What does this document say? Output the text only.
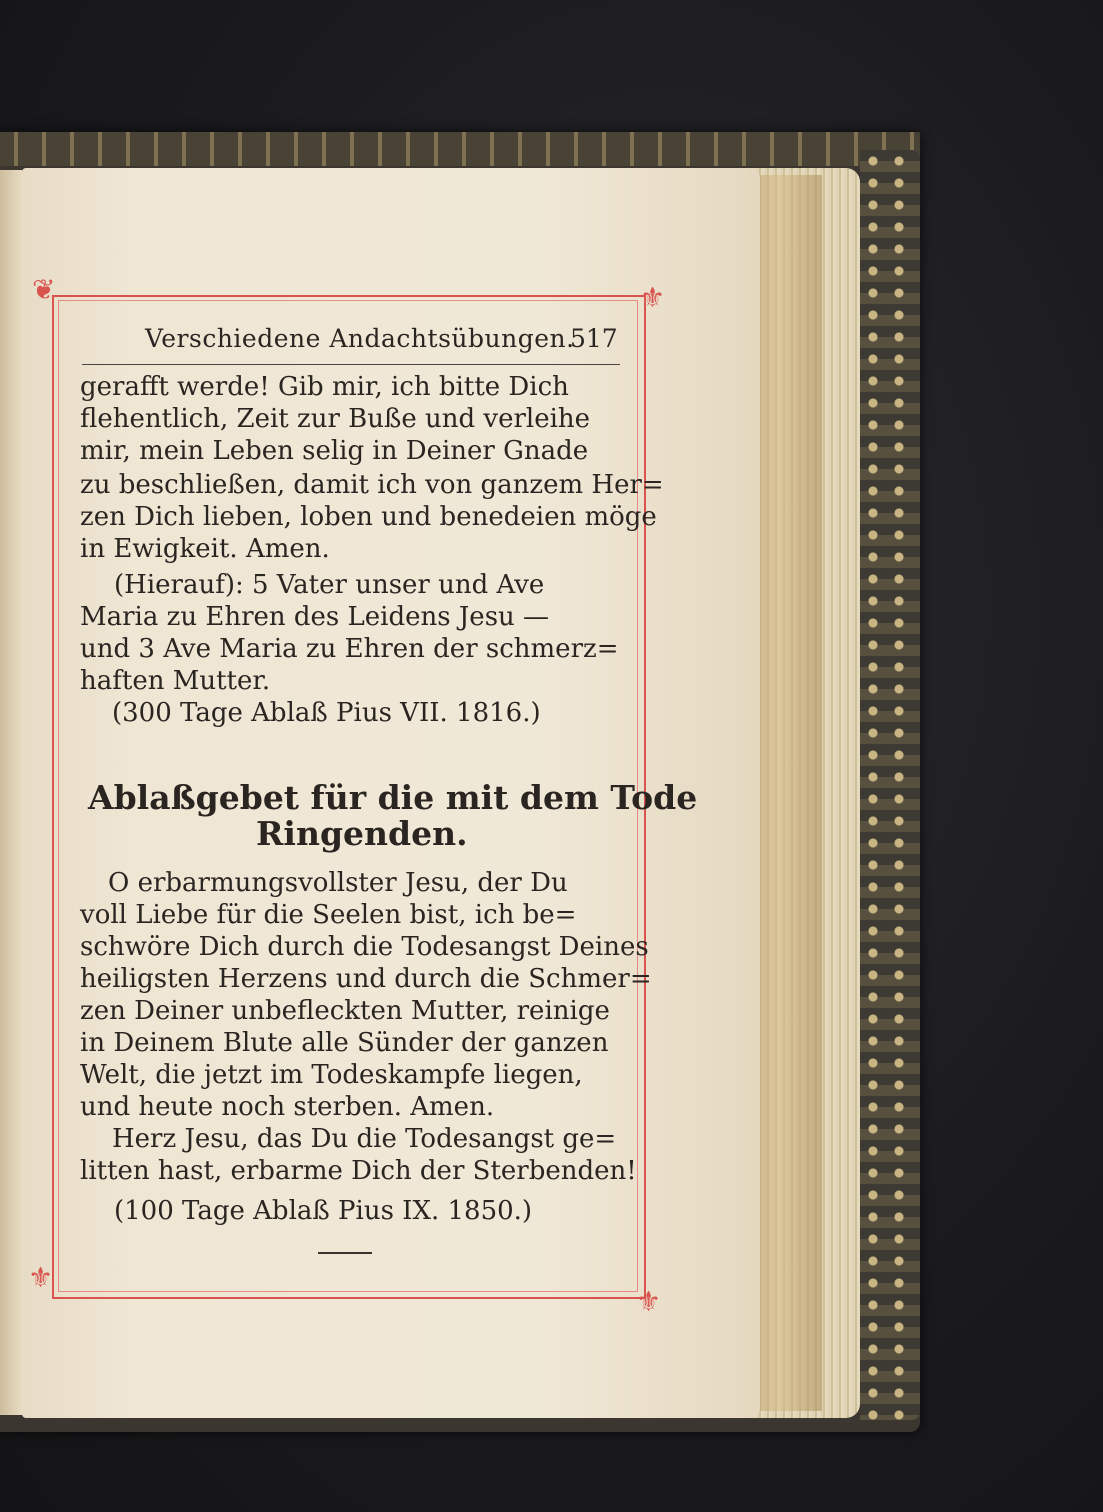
❦	⚜
⚜
⚜
Verschiedene Andachtsübungen.
517
gerafft werde! Gib mir, ich bitte Dich
flehentlich, Zeit zur Buße und verleihe
mir, mein Leben selig in Deiner Gnade
zu beschließen, damit ich von ganzem Her=
zen Dich lieben, loben und benedeien möge
in Ewigkeit. Amen.
(Hierauf): 5 Vater unser und Ave
Maria zu Ehren des Leidens Jesu —
und 3 Ave Maria zu Ehren der schmerz=
haften Mutter.
(300 Tage Ablaß Pius VII. 1816.)
Ablaßgebet für die mit dem Tode
Ringenden.
O erbarmungsvollster Jesu, der Du
voll Liebe für die Seelen bist, ich be=
schwöre Dich durch die Todesangst Deines
heiligsten Herzens und durch die Schmer=
zen Deiner unbefleckten Mutter, reinige
in Deinem Blute alle Sünder der ganzen
Welt, die jetzt im Todeskampfe liegen,
und heute noch sterben. Amen.
Herz Jesu, das Du die Todesangst ge=
litten hast, erbarme Dich der Sterbenden!
(100 Tage Ablaß Pius IX. 1850.)
